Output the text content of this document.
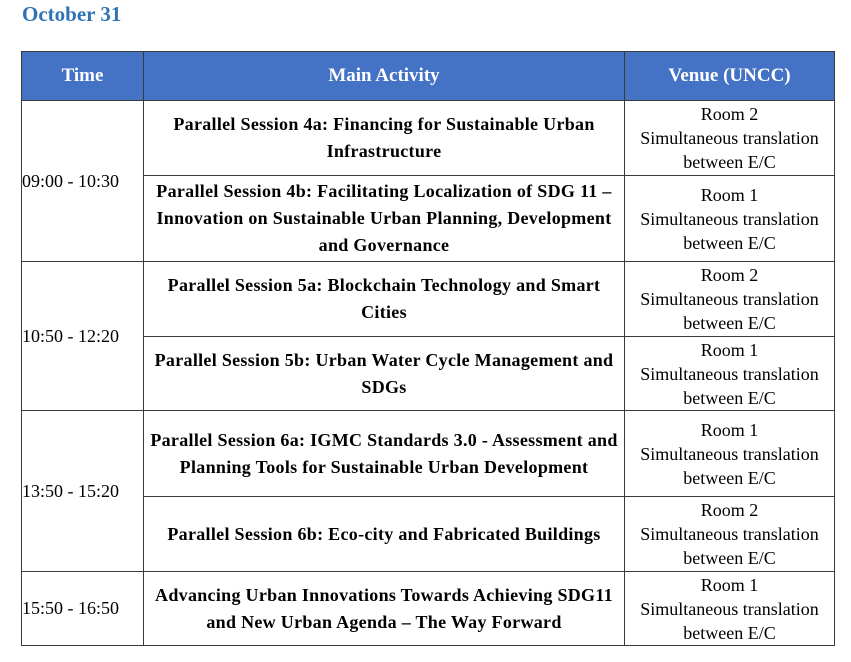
October 31
Time	Main Activity	Venue (UNCC)
09:00 - 10:30	Parallel Session 4a: Financing for Sustainable Urban Infrastructure	Room 2
Simultaneous translation
between E/C

	Parallel Session 4b: Facilitating Localization of SDG 11 – Innovation on Sustainable Urban Planning, Development and Governance	Room 1
Simultaneous translation
between E/C

10:50 - 12:20	Parallel Session 5a: Blockchain Technology and Smart Cities	Room 2
Simultaneous translation
between E/C

	Parallel Session 5b: Urban Water Cycle Management and SDGs	Room 1
Simultaneous translation
between E/C

13:50 - 15:20	Parallel Session 6a: IGMC Standards 3.0 - Assessment and Planning Tools for Sustainable Urban Development	Room 1
Simultaneous translation
between E/C

	Parallel Session 6b: Eco-city and Fabricated Buildings	Room 2
Simultaneous translation
between E/C

15:50 - 16:50	Advancing Urban Innovations Towards Achieving SDG11 and New Urban Agenda – The Way Forward	Room 1
Simultaneous translation
between E/C
